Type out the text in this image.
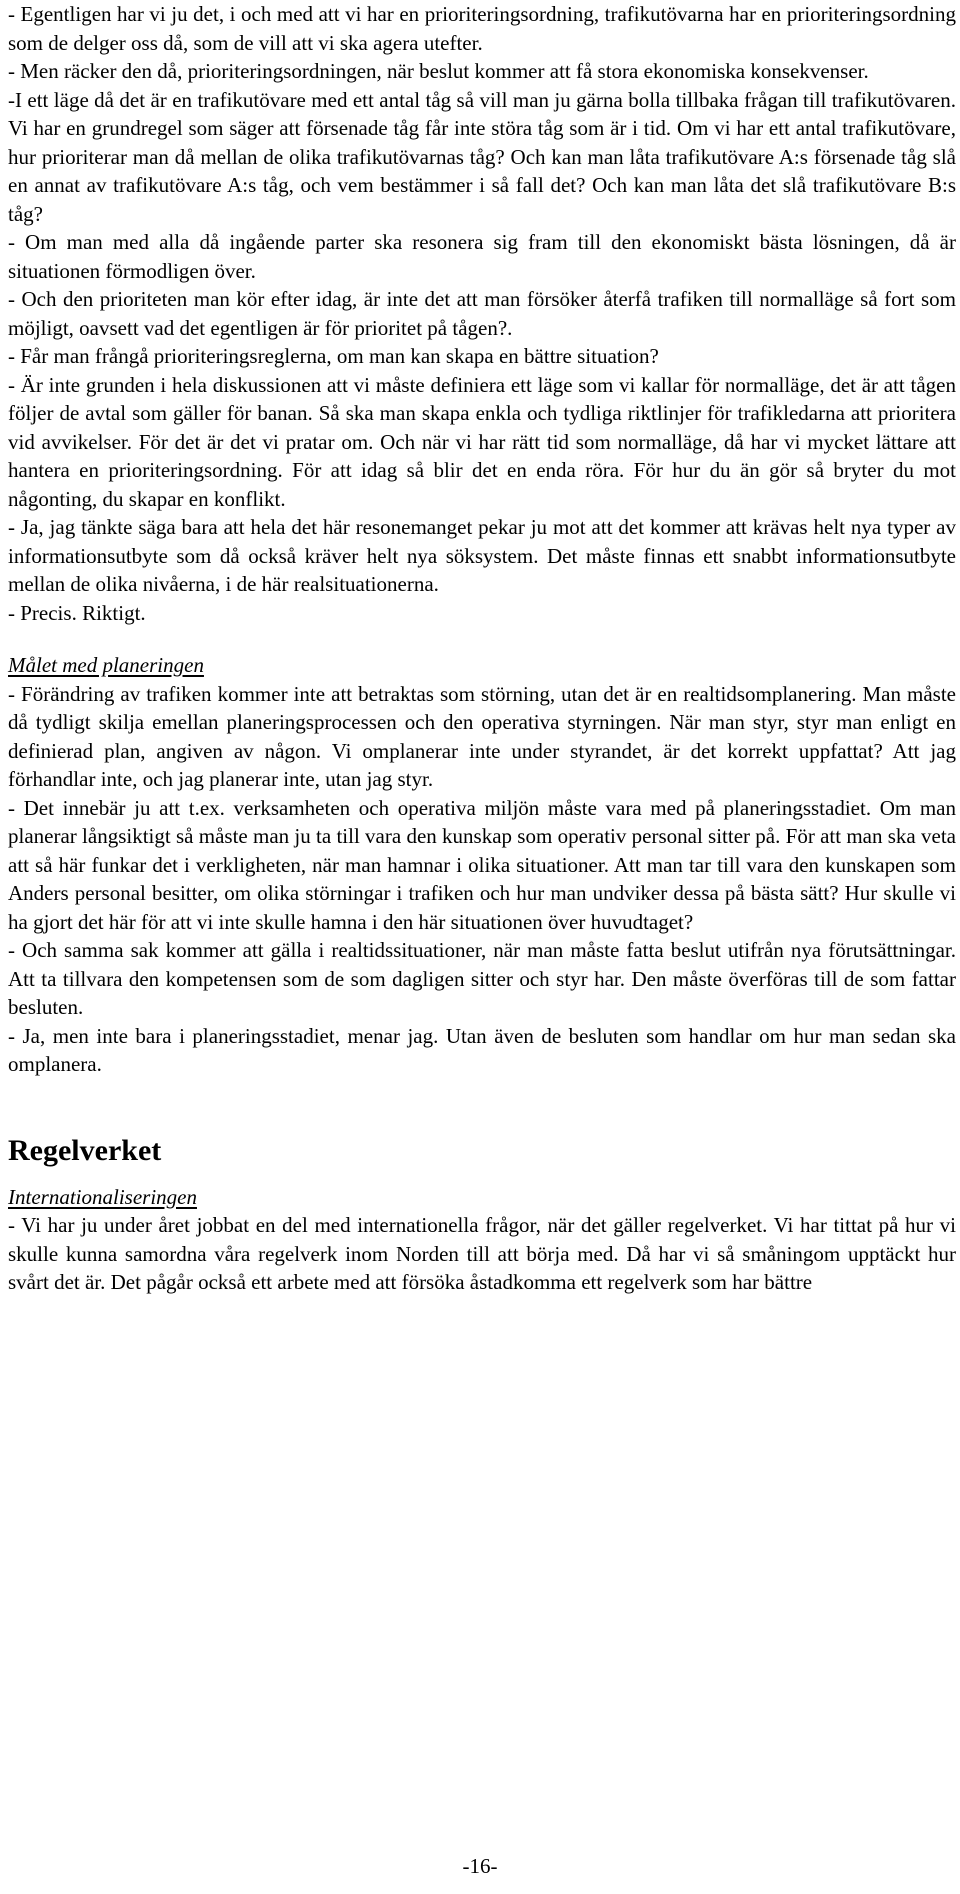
- Egentligen har vi ju det, i och med att vi har en prioriteringsordning, trafikutövarna har en prioriteringsordning som de delger oss då, som de vill att vi ska agera utefter.

- Men räcker den då, prioriteringsordningen, när beslut kommer att få stora ekonomiska konsekvenser.

-I ett läge då det är en trafikutövare med ett antal tåg så vill man ju gärna bolla tillbaka frågan till trafikutövaren. Vi har en grundregel som säger att försenade tåg får inte störa tåg som är i tid. Om vi har ett antal trafikutövare, hur prioriterar man då mellan de olika trafikutövarnas tåg? Och kan man låta trafikutövare A:s försenade tåg slå en annat av trafikutövare A:s tåg, och vem bestämmer i så fall det? Och kan man låta det slå trafikutövare B:s tåg?

- Om man med alla då ingående parter ska resonera sig fram till den ekonomiskt bästa lösningen, då är situationen förmodligen över.

- Och den prioriteten man kör efter idag, är inte det att man försöker återfå trafiken till normalläge så fort som möjligt, oavsett vad det egentligen är för prioritet på tågen?.

- Får man frångå prioriteringsreglerna, om man kan skapa en bättre situation?

- Är inte grunden i hela diskussionen att vi måste definiera ett läge som vi kallar för normalläge, det är att tågen följer de avtal som gäller för banan. Så ska man skapa enkla och tydliga riktlinjer för trafikledarna att prioritera vid avvikelser. För det är det vi pratar om. Och när vi har rätt tid som normalläge, då har vi mycket lättare att hantera en prioriteringsordning. För att idag så blir det en enda röra. För hur du än gör så bryter du mot någonting, du skapar en konflikt.

- Ja, jag tänkte säga bara att hela det här resonemanget pekar ju mot att det kommer att krävas helt nya typer av informationsutbyte som då också kräver helt nya söksystem. Det måste finnas ett snabbt informationsutbyte mellan de olika nivåerna, i de här realsituationerna.

- Precis. Riktigt.

Målet med planeringen

- Förändring av trafiken kommer inte att betraktas som störning, utan det är en realtidsomplanering. Man måste då tydligt skilja emellan planeringsprocessen och den operativa styrningen. När man styr, styr man enligt en definierad plan, angiven av någon. Vi omplanerar inte under styrandet, är det korrekt uppfattat? Att jag förhandlar inte, och jag planerar inte, utan jag styr.

- Det innebär ju att t.ex. verksamheten och operativa miljön måste vara med på planeringsstadiet. Om man planerar långsiktigt så måste man ju ta till vara den kunskap som operativ personal sitter på. För att man ska veta att så här funkar det i verkligheten, när man hamnar i olika situationer. Att man tar till vara den kunskapen som Anders personal besitter, om olika störningar i trafiken och hur man undviker dessa på bästa sätt? Hur skulle vi ha gjort det här för att vi inte skulle hamna i den här situationen över huvudtaget?

- Och samma sak kommer att gälla i realtidssituationer, när man måste fatta beslut utifrån nya förutsättningar. Att ta tillvara den kompetensen som de som dagligen sitter och styr har. Den måste överföras till de som fattar besluten.

- Ja, men inte bara i planeringsstadiet, menar jag. Utan även de besluten som handlar om hur man sedan ska omplanera.

Regelverket

Internationaliseringen

- Vi har ju under året jobbat en del med internationella frågor, när det gäller regelverket. Vi har tittat på hur vi skulle kunna samordna våra regelverk inom Norden till att börja med. Då har vi så småningom upptäckt hur svårt det är. Det pågår också ett arbete med att försöka åstadkomma ett regelverk som har bättre

-16-
